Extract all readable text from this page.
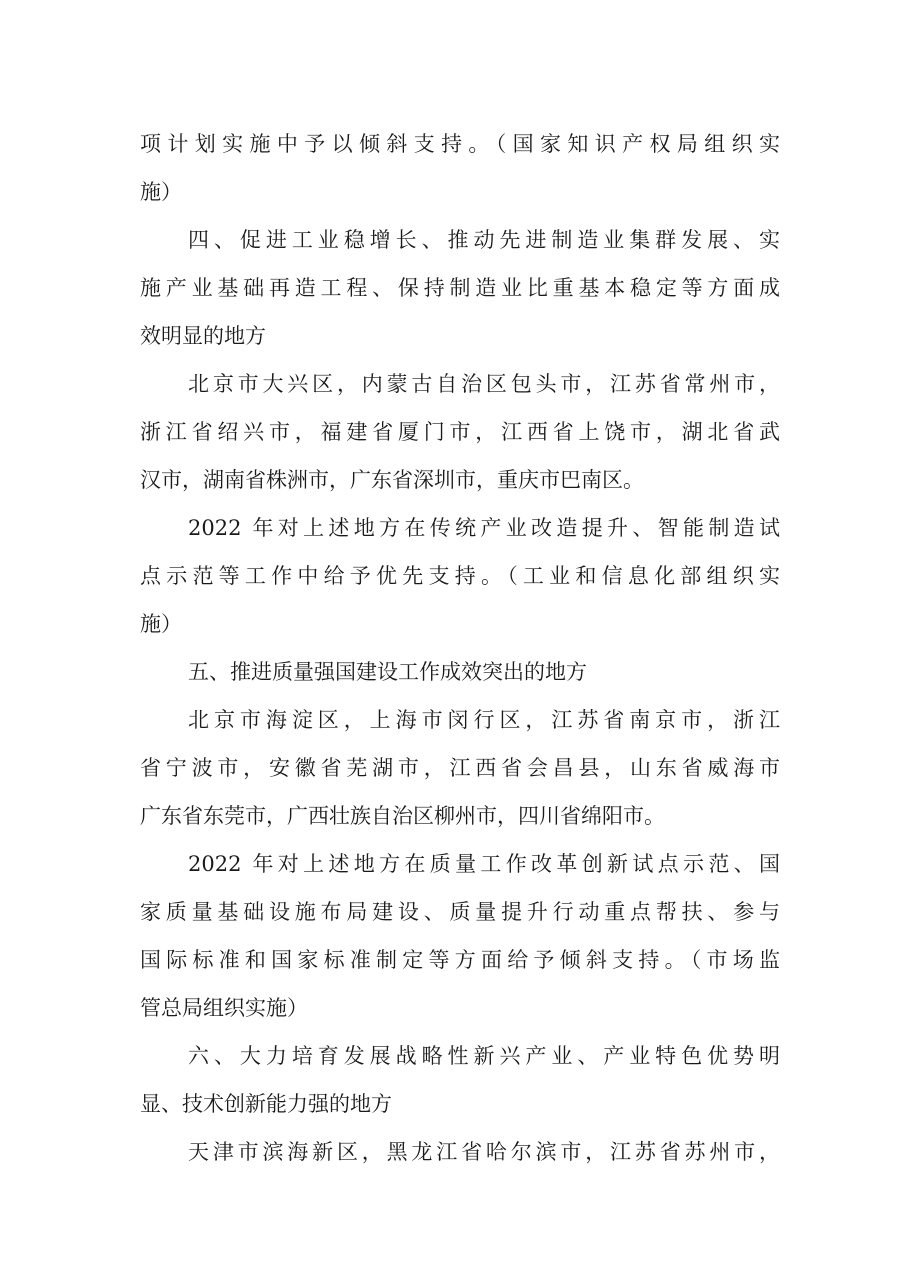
项计划实施中予以倾斜支持。（国家知识产权局组织实
施）
四、促进工业稳增长、推动先进制造业集群发展、实
施产业基础再造工程、保持制造业比重基本稳定等方面成
效明显的地方
北京市大兴区，内蒙古自治区包头市，江苏省常州市，
浙江省绍兴市，福建省厦门市，江西省上饶市，湖北省武
汉市，湖南省株洲市，广东省深圳市，重庆市巴南区。
2022 年对上述地方在传统产业改造提升、智能制造试
点示范等工作中给予优先支持。（工业和信息化部组织实
施）
五、推进质量强国建设工作成效突出的地方
北京市海淀区，上海市闵行区，江苏省南京市，浙江
省宁波市，安徽省芜湖市，江西省会昌县，山东省威海市
广东省东莞市，广西壮族自治区柳州市，四川省绵阳市。
2022 年对上述地方在质量工作改革创新试点示范、国
家质量基础设施布局建设、质量提升行动重点帮扶、参与
国际标准和国家标准制定等方面给予倾斜支持。（市场监
管总局组织实施）
六、大力培育发展战略性新兴产业、产业特色优势明
显、技术创新能力强的地方
天津市滨海新区，黑龙江省哈尔滨市，江苏省苏州市，
